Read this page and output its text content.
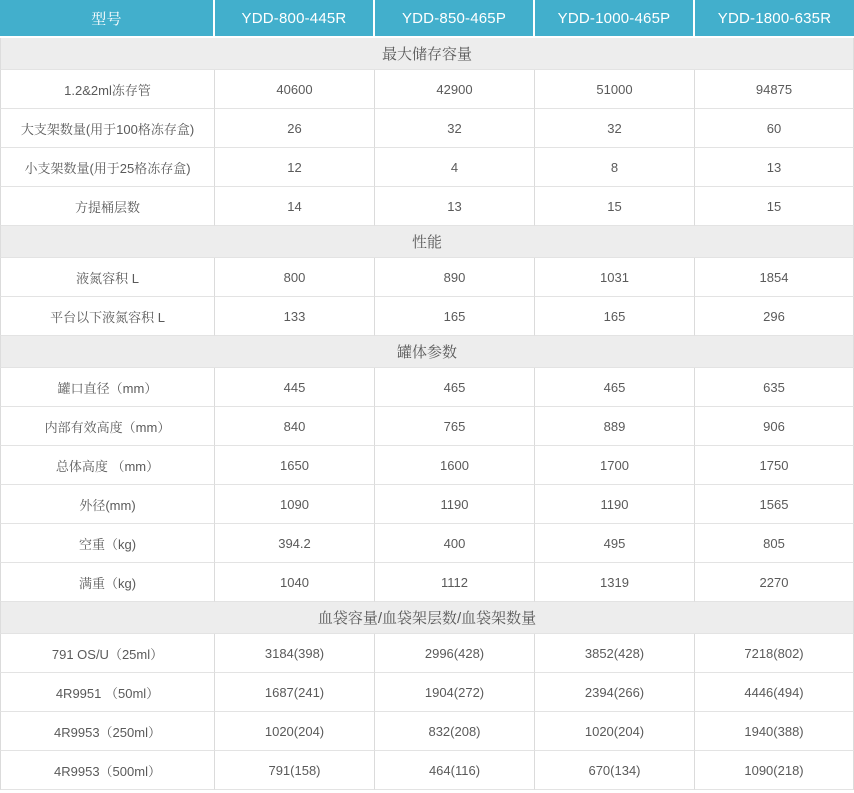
型号	YDD-800-445R	YDD-850-465P	YDD-1000-465P	YDD-1800-635R
最大储存容量				
1.2&2ml冻存管	40600	42900	51000	94875
大支架数量(用于100格冻存盒)	26	32	32	60
小支架数量(用于25格冻存盒)	12	4	8	13
方提桶层数	14	13	15	15
性能				
液氮容积 L	800	890	1031	1854
平台以下液氮容积 L	133	165	165	296
罐体参数				
罐口直径（mm）	445	465	465	635
内部有效高度（mm）	840	765	889	906
总体高度 （mm）	1650	1600	1700	1750
外径(mm)	1090	1190	1190	1565
空重（kg)	394.2	400	495	805
满重（kg)	1040	1112	1319	2270
血袋容量/血袋架层数/血袋架数量				
791 OS/U（25ml）	3184(398)	2996(428)	3852(428)	7218(802)
4R9951 （50ml）	1687(241)	1904(272)	2394(266)	4446(494)
4R9953（250ml）	1020(204)	832(208)	1020(204)	1940(388)
4R9953（500ml）	791(158)	464(116)	670(134)	1090(218)
